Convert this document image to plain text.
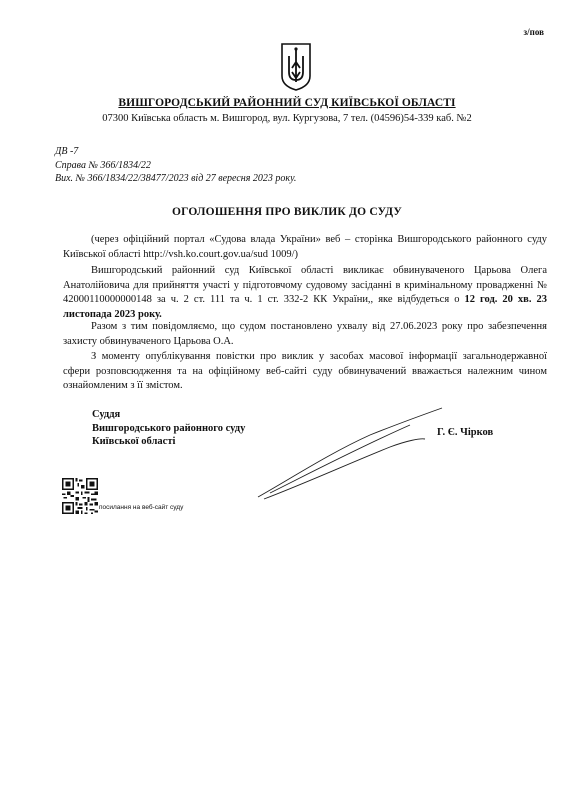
з/пов
ВИШГОРОДСЬКИЙ РАЙОННИЙ СУД КИЇВСЬКОЇ ОБЛАСТІ
07300 Київська область м. Вишгород, вул. Кургузова, 7 тел. (04596)54-339 каб. №2
ДВ -7
Справа № 366/1834/22
Вих. № 366/1834/22/38477/2023 від 27 вересня 2023 року.
ОГОЛОШЕННЯ ПРО ВИКЛИК ДО СУДУ
(через офіційний портал «Судова влада України» веб – сторінка Вишгородського районного суду Київської області http://vsh.ko.court.gov.ua/sud 1009/)
Вишгородський районний суд Київської області викликає обвинуваченого Царьова Олега Анатолійовича для прийняття участі у підготовчому судовому засіданні в кримінальному провадженні № 42000110000000148 за ч. 2 ст. 111 та ч. 1 ст. 332-2 КК України,, яке відбудеться о 12 год. 20 хв. 23 листопада 2023 року.
Разом з тим повідомляємо, що судом постановлено ухвалу від 27.06.2023 року про забезпечення захисту обвинуваченого Царьова О.А.
З моменту опублікування повістки про виклик у засобах масової інформації загальнодержавної сфери розповсюдження та на офіційному веб-сайті суду обвинувачений вважається належним чином ознайомленим з її змістом.
Суддя
Вишгородського районного суду
Київської області
Г. Є. Чірков
посилання на веб-сайт суду
